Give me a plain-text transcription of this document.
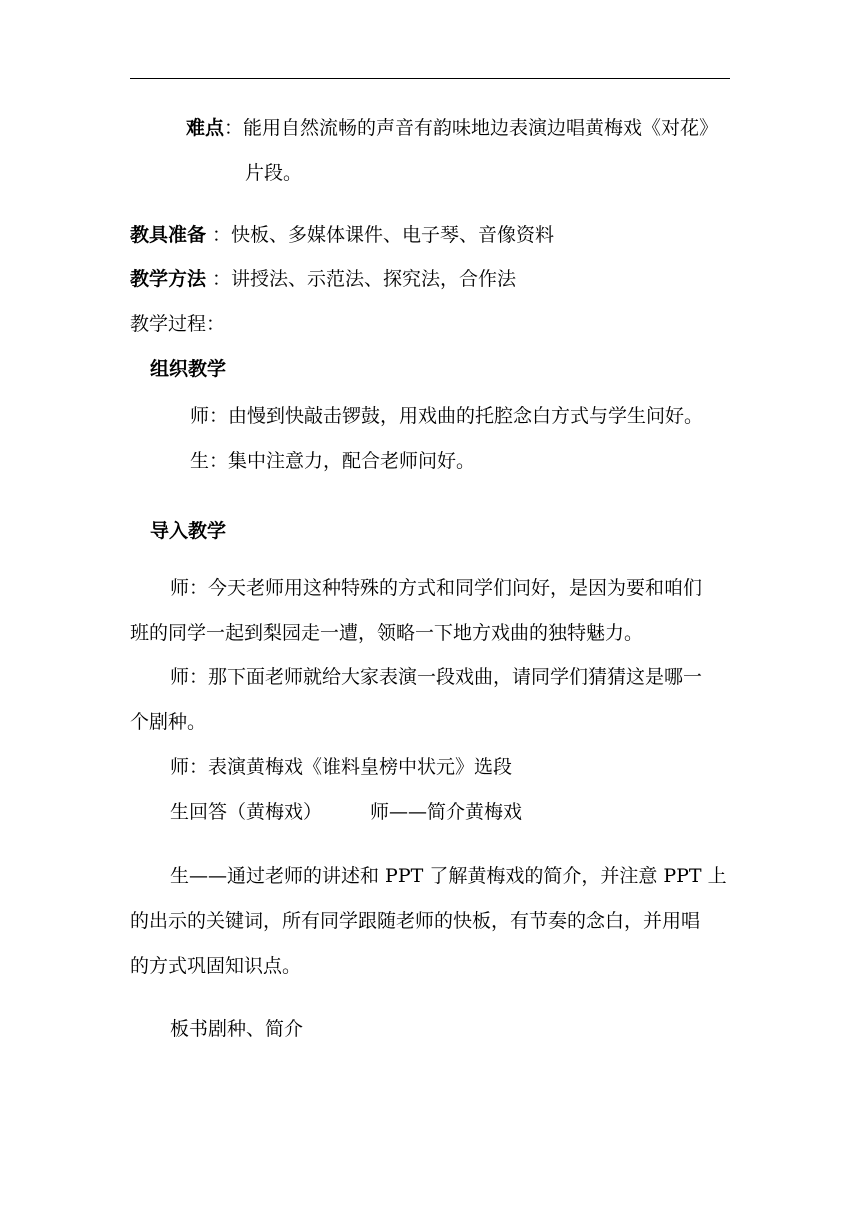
难点：能用自然流畅的声音有韵味地边表演边唱黄梅戏《对花》
片段。
教具准备 ：快板、多媒体课件、电子琴、音像资料
教学方法 ：讲授法、示范法、探究法，合作法
教学过程：
组织教学
师：由慢到快敲击锣鼓，用戏曲的托腔念白方式与学生问好。
生：集中注意力，配合老师问好。
导入教学
师：今天老师用这种特殊的方式和同学们问好，是因为要和咱们
班的同学一起到梨园走一遭，领略一下地方戏曲的独特魅力。
师：那下面老师就给大家表演一段戏曲，请同学们猜猜这是哪一
个剧种。
师：表演黄梅戏《谁料皇榜中状元》选段
生回答（黄梅戏）	师——简介黄梅戏
生——通过老师的讲述和 PPT 了解黄梅戏的简介，并注意 PPT 上
的出示的关键词，所有同学跟随老师的快板，有节奏的念白，并用唱
的方式巩固知识点。
板书剧种、简介
